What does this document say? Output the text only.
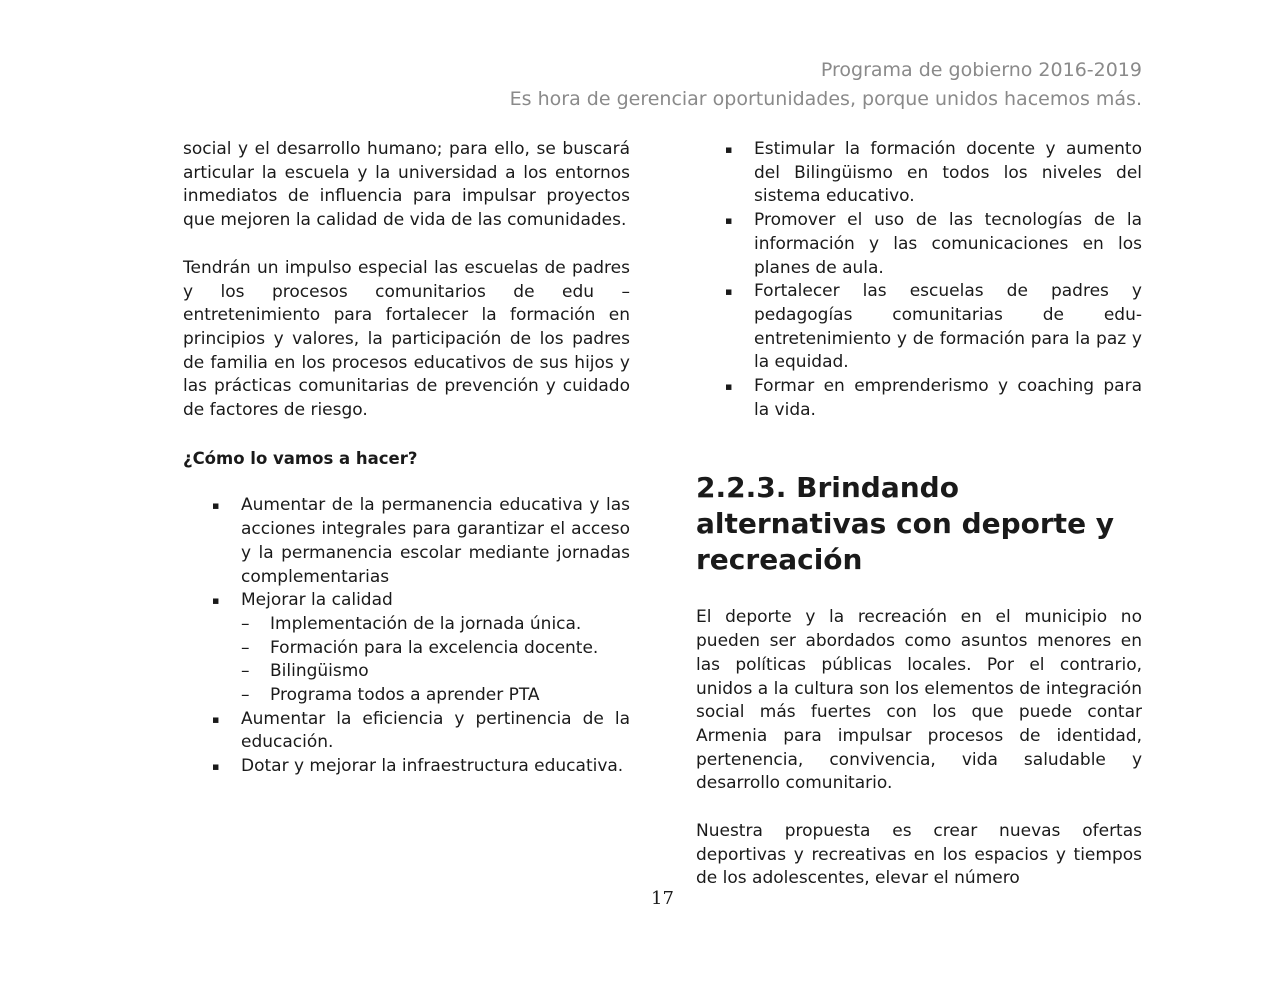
Programa de gobierno 2016-2019
Es hora de gerenciar oportunidades, porque unidos hacemos más.

social y el desarrollo humano; para ello, se buscará articular la escuela y la universidad a los entornos inmediatos de influencia para impulsar proyectos que mejoren la calidad de vida de las comunidades.

Tendrán un impulso especial las escuelas de padres y los procesos comunitarios de edu – entretenimiento para fortalecer la formación en principios y valores, la participación de los padres de familia en los procesos educativos de sus hijos y las prácticas comunitarias de prevención y cuidado de factores de riesgo.

¿Cómo lo vamos a hacer?

▪ Aumentar de la permanencia educativa y las acciones integrales para garantizar el acceso y la permanencia escolar mediante jornadas complementarias
▪ Mejorar la calidad
– Implementación de la jornada única.
– Formación para la excelencia docente.
– Bilingüismo
– Programa todos a aprender PTA
▪ Aumentar la eficiencia y pertinencia de la educación.
▪ Dotar y mejorar la infraestructura educativa.
▪ Estimular la formación docente y aumento del Bilingüismo en todos los niveles del sistema educativo.
▪ Promover el uso de las tecnologías de la información y las comunicaciones en los planes de aula.
▪ Fortalecer las escuelas de padres y pedagogías comunitarias de edu- entretenimiento y de formación para la paz y la equidad.
▪ Formar en emprenderismo y coaching para la vida.
2.2.3. Brindando alternativas con deporte y recreación

El deporte y la recreación en el municipio no pueden ser abordados como asuntos menores en las políticas públicas locales. Por el contrario, unidos a la cultura son los elementos de integración social más fuertes con los que puede contar Armenia para impulsar procesos de identidad, pertenencia, convivencia, vida saludable y desarrollo comunitario.

Nuestra propuesta es crear nuevas ofertas deportivas y recreativas en los espacios y tiempos de los adolescentes, elevar el número

17
